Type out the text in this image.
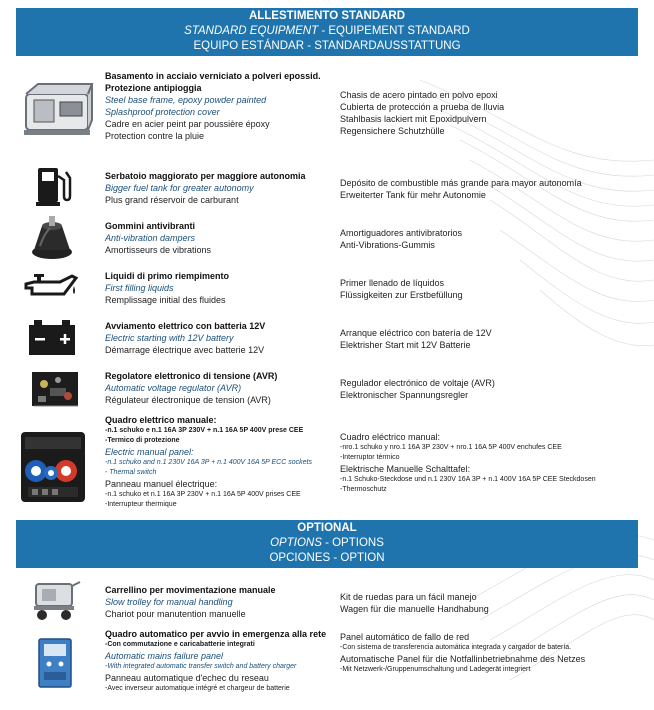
ALLESTIMENTO STANDARD
STANDARD EQUIPMENT - EQUIPEMENT STANDARD
EQUIPO ESTÁNDAR - STANDARDAUSSTATTUNG
Basamento in acciaio verniciato a polveri epossid.
Protezione antipioggia
Steel base frame, epoxy powder painted
Splashproof protection cover
Cadre en acier peint par poussière époxy
Protection contre la pluie
Chasis de acero pintado en polvo epoxi
Cubierta de protección a prueba de lluvia
Stahlbasis lackiert mit Epoxidpulvern
Regensichere Schutzhülle
Serbatoio maggiorato per maggiore autonomia
Bigger fuel tank for greater autonomy
Plus grand réservoir de carburant
Depósito de combustible más grande para mayor autonomía
Erweiterter Tank für mehr Autonomie
Gommini antivibranti
Anti-vibration dampers
Amortisseurs de vibrations
Amortiguadores antivibratorios
Anti-Vibrations-Gummis
Liquidi di primo riempimento
First filling liquids
Remplissage initial des fluides
Primer llenado de líquidos
Flüssigkeiten zur Erstbefüllung
Avviamento elettrico con batteria 12V
Electric starting with 12V battery
Démarrage électrique avec batterie 12V
Arranque eléctrico con batería de 12V
Elektrisher Start mit 12V Batterie
Regolatore elettronico di tensione (AVR)
Automatic voltage regulator (AVR)
Régulateur électronique de tension (AVR)
Regulador electrónico de voltaje (AVR)
Elektronischer Spannungsregler
Quadro elettrico manuale:
-n.1 schuko e n.1 16A 3P 230V + n.1 16A 5P 400V prese CEE
-Termico di protezione
Electric manual panel:
-n.1 schuko and n.1 230V 16A 3P + n.1 400V 16A 5P ECC sockets
- Thermal switch
Panneau manuel électrique:
-n.1 schuko et n.1 16A 3P 230V + n.1 16A 5P 400V prises CEE
-Interrupteur thermique
Cuadro eléctrico manual:
-nro.1 schuko y nro.1 16A 3P 230V + nro.1 16A 5P 400V enchufes CEE
-Interruptor térmico
Elektrische Manuelle Schalttafel:
-n.1 Schuko-Steckdose und n.1 230V 16A 3P + n.1 400V 16A 5P CEE Steckdosen
-Thermoschutz
OPTIONAL
OPTIONS - OPTIONS
OPCIONES - OPTION
Carrellino per movimentazione manuale
Slow trolley for manual handling
Chariot pour manutention manuelle
Kit de ruedas para un fácil manejo
Wagen für die manuelle Handhabung
Quadro automatico per avvio in emergenza alla rete
-Con commutazione e caricabatterie integrati
Automatic mains failure panel
-With integrated automatic transfer switch and battery charger
Panneau automatique d'echec du reseau
-Avec inverseur automatique intégré et chargeur de batterie
Panel automático de fallo de red
-Con sistema de transferencia automática integrada y cargador de batería.
Automatische Panel für die Notfallinbetriebnahme des Netzes
-Mit Netzwerk-/Gruppenumschaltung und Ladegerät integriert
